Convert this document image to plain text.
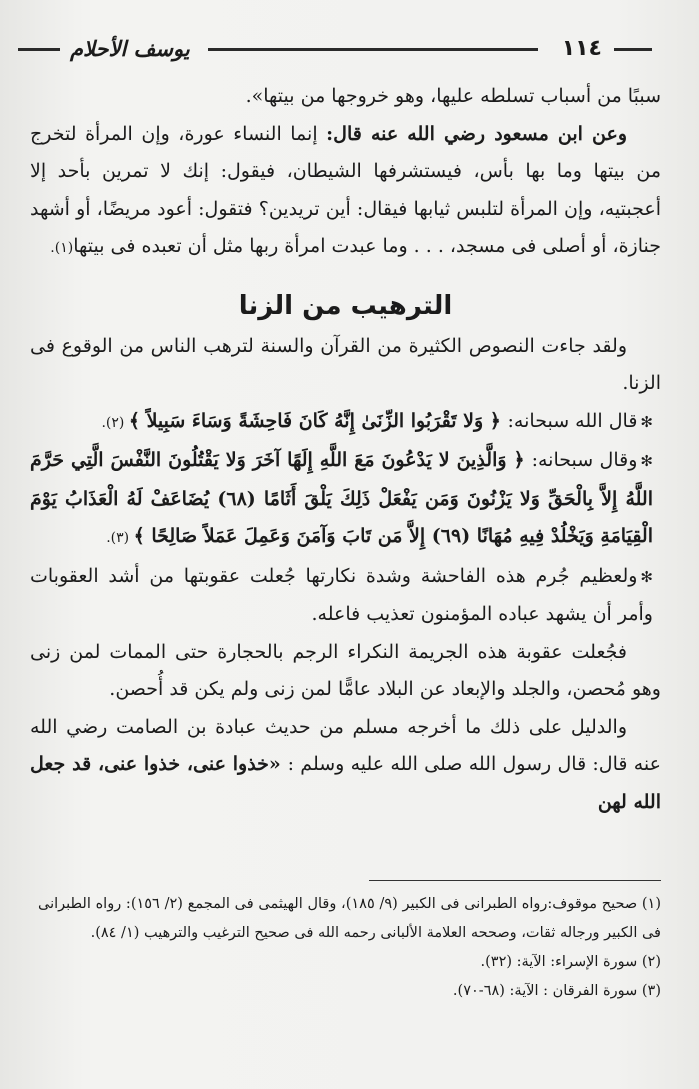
يوسف الأحلام	١١٤

سببًا من أسباب تسلطه عليها، وهو خروجها من بيتها».

وعن ابن مسعود رضي الله عنه قال: إنما النساء عورة، وإن المرأة لتخرج من بيتها وما بها بأس، فيستشرفها الشيطان، فيقول: إنك لا تمرين بأحد إلا أعجبتيه، وإن المرأة لتلبس ثيابها فيقال: أين تريدين؟ فتقول: أعود مريضًا، أو أشهد جنازة، أو أصلى فى مسجد، . . . وما عبدت امرأة ربها مثل أن تعبده فى بيتها(١).

الترهيب من الزنا

ولقد جاءت النصوص الكثيرة من القرآن والسنة لترهب الناس من الوقوع فى الزنا.

✻قال الله سبحانه: ﴿ وَلا تَقْرَبُوا الزِّنَىٰ إِنَّهُ كَانَ فَاحِشَةً وَسَاءَ سَبِيلاً ﴾ (٢).

✻وقال سبحانه: ﴿ وَالَّذِينَ لا يَدْعُونَ مَعَ اللَّهِ إِلَهًا آخَرَ وَلا يَقْتُلُونَ النَّفْسَ الَّتِي حَرَّمَ اللَّهُ إِلاَّ بِالْحَقِّ وَلا يَزْنُونَ وَمَن يَفْعَلْ ذَلِكَ يَلْقَ أَثَامًا (٦٨) يُضَاعَفْ لَهُ الْعَذَابُ يَوْمَ الْقِيَامَةِ وَيَخْلُدْ فِيهِ مُهَانًا (٦٩) إِلاَّ مَن تَابَ وَآمَنَ وَعَمِلَ عَمَلاً صَالِحًا ﴾ (٣).

✻ولعظيم جُرم هذه الفاحشة وشدة نكارتها جُعلت عقوبتها من أشد العقوبات وأمر أن يشهد عباده المؤمنون تعذيب فاعله.

فجُعلت عقوبة هذه الجريمة النكراء الرجم بالحجارة حتى الممات لمن زنى وهو مُحصن، والجلد والإبعاد عن البلاد عامًّا لمن زنى ولم يكن قد أُحصن.

والدليل على ذلك ما أخرجه مسلم من حديث عبادة بن الصامت رضي الله عنه قال: قال رسول الله صلى الله عليه وسلم : «خذوا عنى، خذوا عنى، قد جعل الله لهن

(١) صحيح موقوف:رواه الطبرانى فى الكبير (٩/ ١٨٥)، وقال الهيثمى فى المجمع (٢/ ١٥٦): رواه الطبرانى فى الكبير ورجاله ثقات، وصححه العلامة الألبانى رحمه الله فى صحيح الترغيب والترهيب (١/ ٨٤).

(٢) سورة الإسراء: الآية: (٣٢).

(٣) سورة الفرقان : الآية: (٦٨-٧٠).
